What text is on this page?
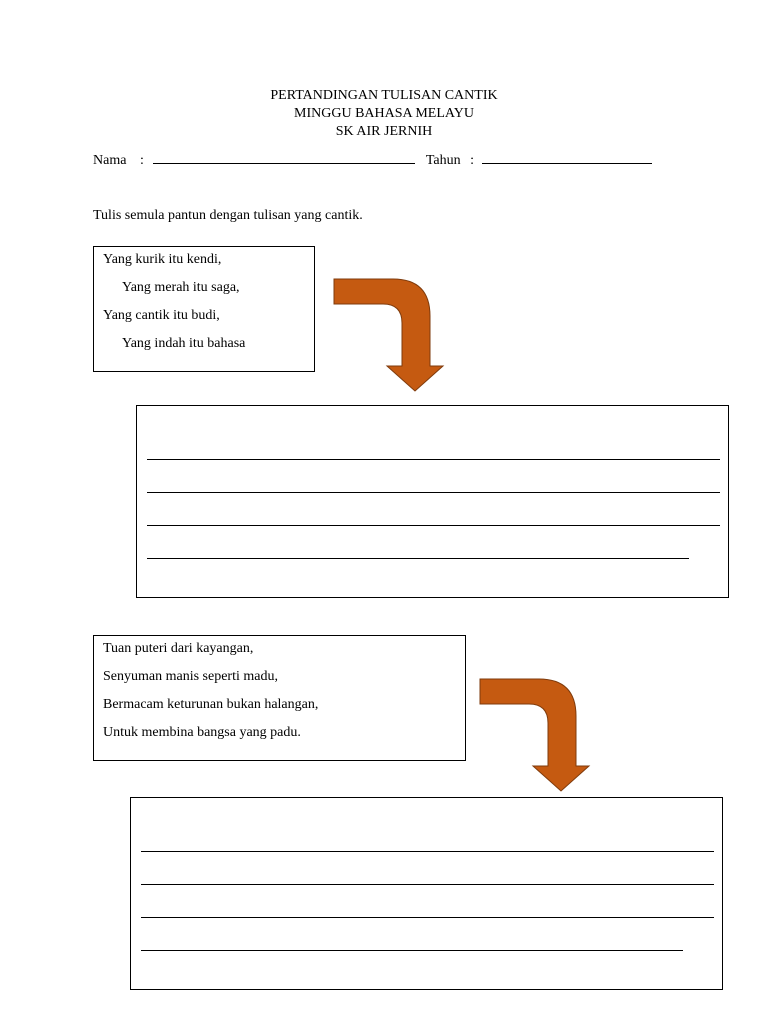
PERTANDINGAN TULISAN CANTIK
MINGGU BAHASA MELAYU
SK AIR JERNIH
Nama :	Tahun :
Tulis semula pantun dengan tulisan yang cantik.
Yang kurik itu kendi,
Yang merah itu saga,
Yang cantik itu budi,
Yang indah itu bahasa
Tuan puteri dari kayangan,
Senyuman manis seperti madu,
Bermacam keturunan bukan halangan,
Untuk membina bangsa yang padu.
